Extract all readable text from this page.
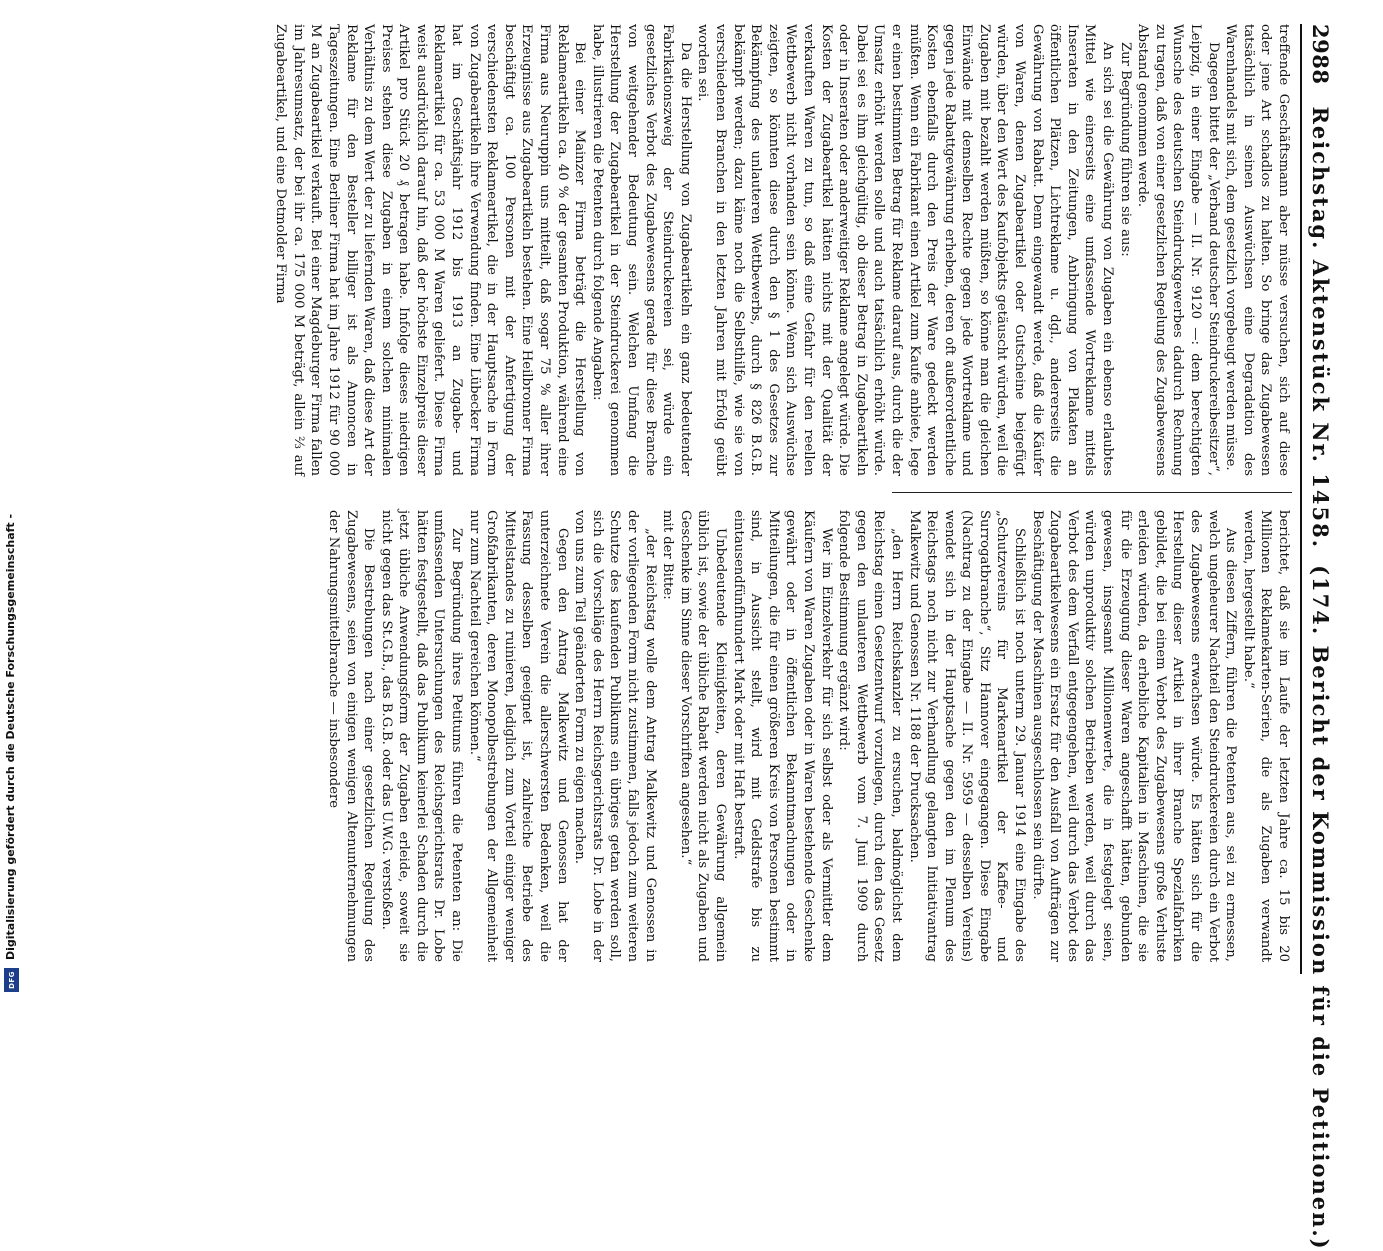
2988
Reichstag. Aktenstück Nr. 1458.
(174. Bericht der Kommission für die Petitionen.)

treffende Geschäftsmann aber müsse versuchen, sich auf diese oder jene Art schadlos zu halten. So bringe das Zugabewesen tatsächlich in seinen Auswüchsen eine Degradation des Warenhandels mit sich, dem gesetzlich vorgebeugt werden müsse.

Dagegen bittet der „Verband deutscher Steindruckereibesitzer“, Leipzig, in einer Eingabe — II. Nr. 9120 —: dem berechtigten Wunsche des deutschen Steindruckgewerbes dadurch Rechnung zu tragen, daß von einer gesetzlichen Regelung des Zugabewesens Abstand genommen werde.

Zur Begründung führen sie aus:

An sich sei die Gewährung von Zugaben ein ebenso erlaubtes Mittel wie einerseits eine umfassende Wortreklame mittels Inseraten in den Zeitungen, Anbringung von Plakaten an öffentlichen Plätzen, Lichtreklame u. dgl., andererseits die Gewährung von Rabatt. Denn eingewandt werde, daß die Käufer von Waren, denen Zugabeartikel oder Gutscheine beigefügt würden, über den Wert des Kaufobjekts getäuscht würden, weil die Zugaben mit bezahlt werden müßten, so könne man die gleichen Einwände mit demselben Rechte gegen jede Wortreklame und gegen jede Rabattgewährung erheben, deren oft außerordentliche Kosten ebenfalls durch den Preis der Ware gedeckt werden müßten. Wenn ein Fabrikant einen Artikel zum Kaufe anbiete, lege er einen bestimmten Betrag für Reklame darauf aus, durch die der Umsatz erhöht werden solle und auch tatsächlich erhöht würde. Dabei sei es ihm gleichgültig, ob dieser Betrag in Zugabeartikeln oder in Inseraten oder anderweitiger Reklame angelegt würde. Die Kosten der Zugabeartikel hätten nichts mit der Qualität der verkauften Waren zu tun, so daß eine Gefahr für den reellen Wettbewerb nicht vorhanden sein könne. Wenn sich Auswüchse zeigten, so könnten diese durch den § 1 des Gesetzes zur Bekämpfung des unlauteren Wettbewerbs, durch § 826 B.G.B. bekämpft werden; dazu käme noch die Selbsthilfe, wie sie von verschiedenen Branchen in den letzten Jahren mit Erfolg geübt worden sei.

Da die Herstellung von Zugabeartikeln ein ganz bedeutender Fabrikationszweig der Steindruckereien sei, würde ein gesetzliches Verbot des Zugabewesens gerade für diese Branche von weitgehender Bedeutung sein. Welchen Umfang die Herstellung der Zugabeartikel in der Steindruckerei genommen habe, illustrieren die Petenten durch folgende Angaben:

Bei einer Mainzer Firma beträgt die Herstellung von Reklameartikeln ca. 40 % der gesamten Produktion, während eine Firma aus Neuruppin uns mitteilt, daß sogar 75 % aller ihrer Erzeugnisse aus Zugabeartikeln bestehen. Eine Heilbronner Firma beschäftigt ca. 100 Personen mit der Anfertigung der verschiedensten Reklameartikel, die in der Hauptsache in Form von Zugabeartikeln ihre Verwendung finden. Eine Lübecker Firma hat im Geschäftsjahr 1912 bis 1913 an Zugabe- und Reklameartikel für ca. 53 000 M Waren geliefert. Diese Firma weist ausdrücklich darauf hin, daß der höchste Einzelpreis dieser Artikel pro Stück 20 ₰ betragen habe. Infolge dieses niedrigen Preises stehen diese Zugaben in einem solchen minimalen Verhältnis zu dem Wert der zu liefernden Waren, daß diese Art der Reklame für den Besteller billiger ist als Annoncen in Tageszeitungen. Eine Berliner Firma hat im Jahre 1912 für 90 000 M an Zugabeartikel verkauft. Bei einer Magdeburger Firma fallen im Jahresumsatz, der bei ihr ca. 175 000 M beträgt, allein ⅔ auf Zugabeartikel, und eine Detmolder Firma

berichtet, daß sie im Laufe der letzten Jahre ca. 15 bis 20 Millionen Reklamekarten-Serien, die als Zugaben verwandt werden, hergestellt habe.“

Aus diesen Ziffern, führen die Petenten aus, sei zu ermessen, welch ungeheurer Nachteil den Steindruckereien durch ein Verbot des Zugabewesens erwachsen würde. Es hätten sich für die Herstellung dieser Artikel in ihrer Branche Spezialfabriken gebildet, die bei einem Verbot des Zugabewesens große Verluste erleiden würden, da erhebliche Kapitalien in Maschinen, die sie für die Erzeugung dieser Waren angeschafft hätten, gebunden gewesen, insgesamt Millionenwerte, die in festgelegt seien, würden unproduktiv solchen Betrieben werden, weil durch das Verbot des dem Verfall entgegengehen, weil durch das Verbot des Zugabeartikelwesens ein Ersatz für den Ausfall von Aufträgen zur Beschäftigung der Maschinen ausgeschlossen sein dürfte.

Schließlich ist noch unterm 29. Januar 1914 eine Eingabe des „Schutzvereins für Markenartikel der Kaffee- und Surrogatbranche“, Sitz Hannover eingegangen. Diese Eingabe (Nachtrag zu der Eingabe — II. Nr. 5959 — desselben Vereins) wendet sich in der Hauptsache gegen den im Plenum des Reichstags noch nicht zur Verhandlung gelangten Initiativantrag Malkewitz und Genossen Nr. 1188 der Drucksachen.

„den Herrn Reichskanzler zu ersuchen, baldmöglichst dem Reichstag einen Gesetzentwurf vorzulegen, durch den das Gesetz gegen den unlauteren Wettbewerb vom 7. Juni 1909 durch folgende Bestimmung ergänzt wird:

Wer im Einzelverkehr für sich selbst oder als Vermittler dem Käufern von Waren Zugaben oder in Waren bestehende Geschenke gewährt oder in öffentlichen Bekanntmachungen oder in Mitteilungen, die für einen größeren Kreis von Personen bestimmt sind, in Aussicht stellt, wird mit Geldstrafe bis zu eintausendfünfhundert Mark oder mit Haft bestraft.

Unbedeutende Kleinigkeiten, deren Gewährung allgemein üblich ist, sowie der übliche Rabatt werden nicht als Zugaben und Geschenke im Sinne dieser Vorschriften angesehen.“

mit der Bitte:

„der Reichstag wolle dem Antrag Malkewitz und Genossen in der vorliegenden Form nicht zustimmen, falls jedoch zum weiteren Schutze des kaufenden Publikums ein übriges getan werden soll, sich die Vorschläge des Herrn Reichsgerichtsrats Dr. Lobe in der von uns zum Teil geänderten Form zu eigen machen.

Gegen den Antrag Malkewitz und Genossen hat der unterzeichnete Verein die allerschwersten Bedenken, weil die Fassung desselben geeignet ist, zahlreiche Betriebe des Mittelstandes zu ruinieren, lediglich zum Vorteil einiger weniger Großfabrikanten, deren Monopolbestrebungen der Allgemeinheit nur zum Nachteil gereichen können.“

Zur Begründung ihres Petitums führen die Petenten an: Die umfassenden Untersuchungen des Reichsgerichtsrats Dr. Lobe hätten festgestellt, daß das Publikum keinerlei Schaden durch die jetzt übliche Anwendungsform der Zugaben erleide, soweit sie nicht gegen das St.G.B., das B.G.B. oder das U.W.G. verstoßen.

Die Bestrebungen nach einer gesetzlichen Regelung des Zugabewesens, seien von einigen wenigen Altenunternehmungen der Nahrungsmittelbranche — insbesondere

Digitalisierung gefördert durch die Deutsche Forschungsgemeinschaft -
DFG
